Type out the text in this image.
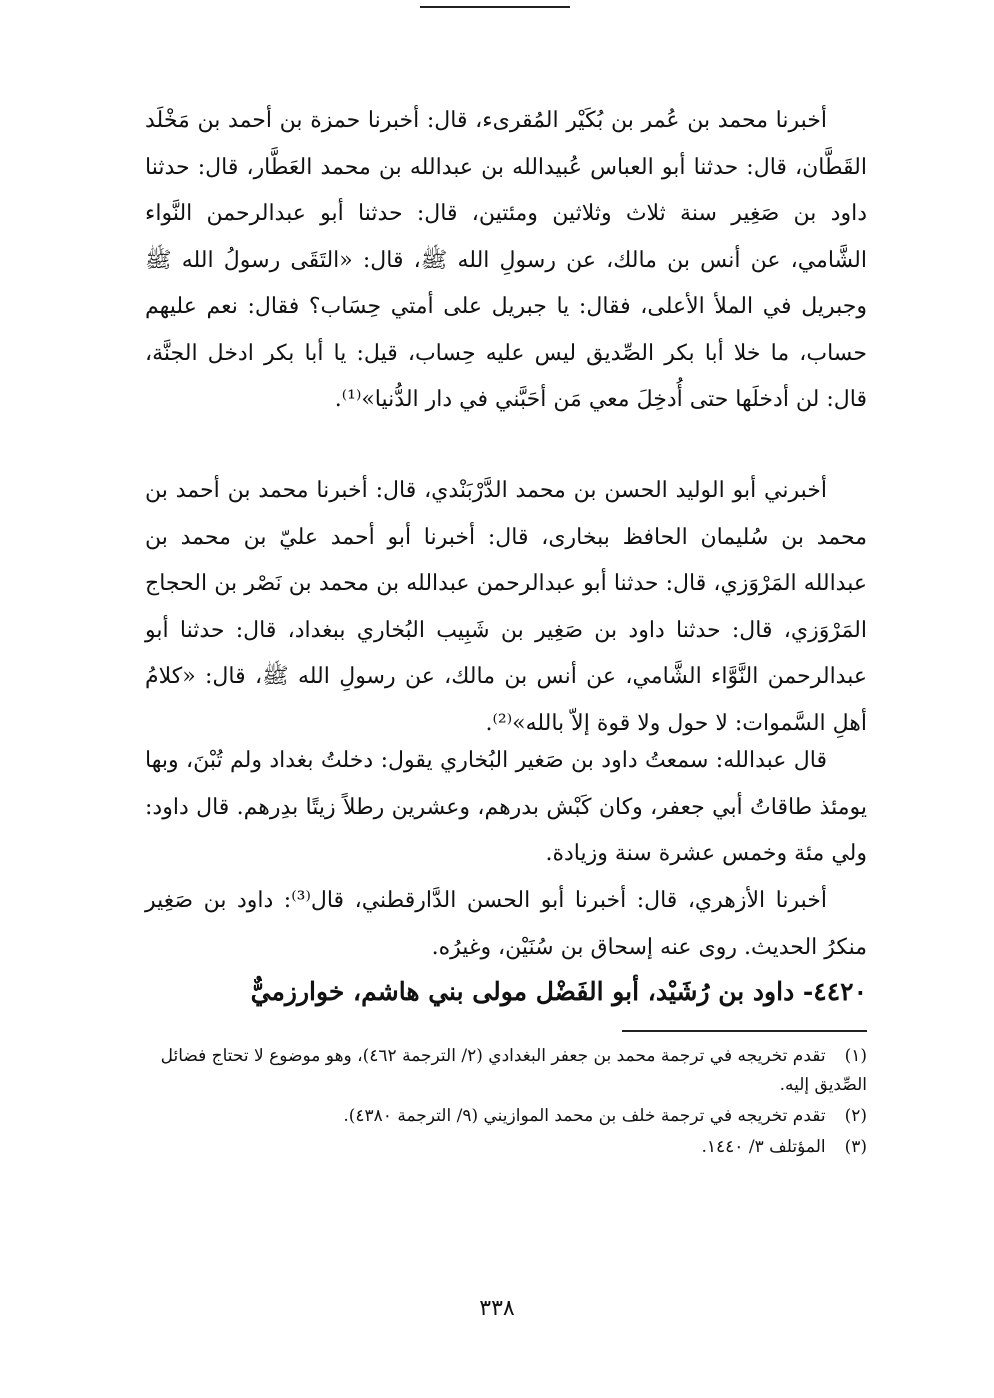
أخبرنا محمد بن عُمر بن بُكَيْر المُقرىء، قال: أخبرنا حمزة بن أحمد بن مَخْلَد القَطَّان، قال: حدثنا أبو العباس عُبيدالله بن عبدالله بن محمد العَطَّار، قال: حدثنا داود بن صَغِير سنة ثلاث وثلاثين ومئتين، قال: حدثنا أبو عبدالرحمن النَّواء الشَّامي، عن أنس بن مالك، عن رسولِ الله ﷺ، قال: «التَقَى رسولُ الله ﷺ وجبريل في الملأ الأعلى، فقال: يا جبريل على أمتي حِسَاب؟ فقال: نعم عليهم حساب، ما خلا أبا بكر الصِّديق ليس عليه حِساب، قيل: يا أبا بكر ادخل الجنَّة، قال: لن أدخلَها حتى أُدخِلَ معي مَن أحَبَّني في دار الدُّنيا»⁽¹⁾.

أخبرني أبو الوليد الحسن بن محمد الدَّرْبَنْدي، قال: أخبرنا محمد بن أحمد بن محمد بن سُليمان الحافظ ببخارى، قال: أخبرنا أبو أحمد عليّ بن محمد بن عبدالله المَرْوَزي، قال: حدثنا أبو عبدالرحمن عبدالله بن محمد بن نَصْر بن الحجاج المَرْوَزي، قال: حدثنا داود بن صَغِير بن شَبِيب البُخاري ببغداد، قال: حدثنا أبو عبدالرحمن النَّوَّاء الشَّامي، عن أنس بن مالك، عن رسولِ الله ﷺ، قال: «كلامُ أهلِ السَّموات: لا حول ولا قوة إلاّ بالله»⁽²⁾.

قال عبدالله: سمعتُ داود بن صَغير البُخاري يقول: دخلتُ بغداد ولم تُبْنَ، وبها يومئذ طاقاتُ أبي جعفر، وكان كَبْش بدرهم، وعشرين رطلاً زيتًا بدِرهم. قال داود: ولي مئة وخمس عشرة سنة وزيادة.

أخبرنا الأزهري، قال: أخبرنا أبو الحسن الدَّارقطني، قال⁽³⁾: داود بن صَغِير منكرُ الحديث. روى عنه إسحاق بن سُنَيْن، وغيرُه.

٤٤٢٠- داود بن رُشَيْد، أبو الفَضْل مولى بني هاشم، خوارزميٌّ

(١) تقدم تخريجه في ترجمة محمد بن جعفر البغدادي (٢/ الترجمة ٤٦٢)، وهو موضوع لا تحتاج فضائل الصِّديق إليه.

(٢) تقدم تخريجه في ترجمة خلف بن محمد الموازيني (٩/ الترجمة ٤٣٨٠).

(٣) المؤتلف ٣/ ١٤٤٠.

٣٣٨
